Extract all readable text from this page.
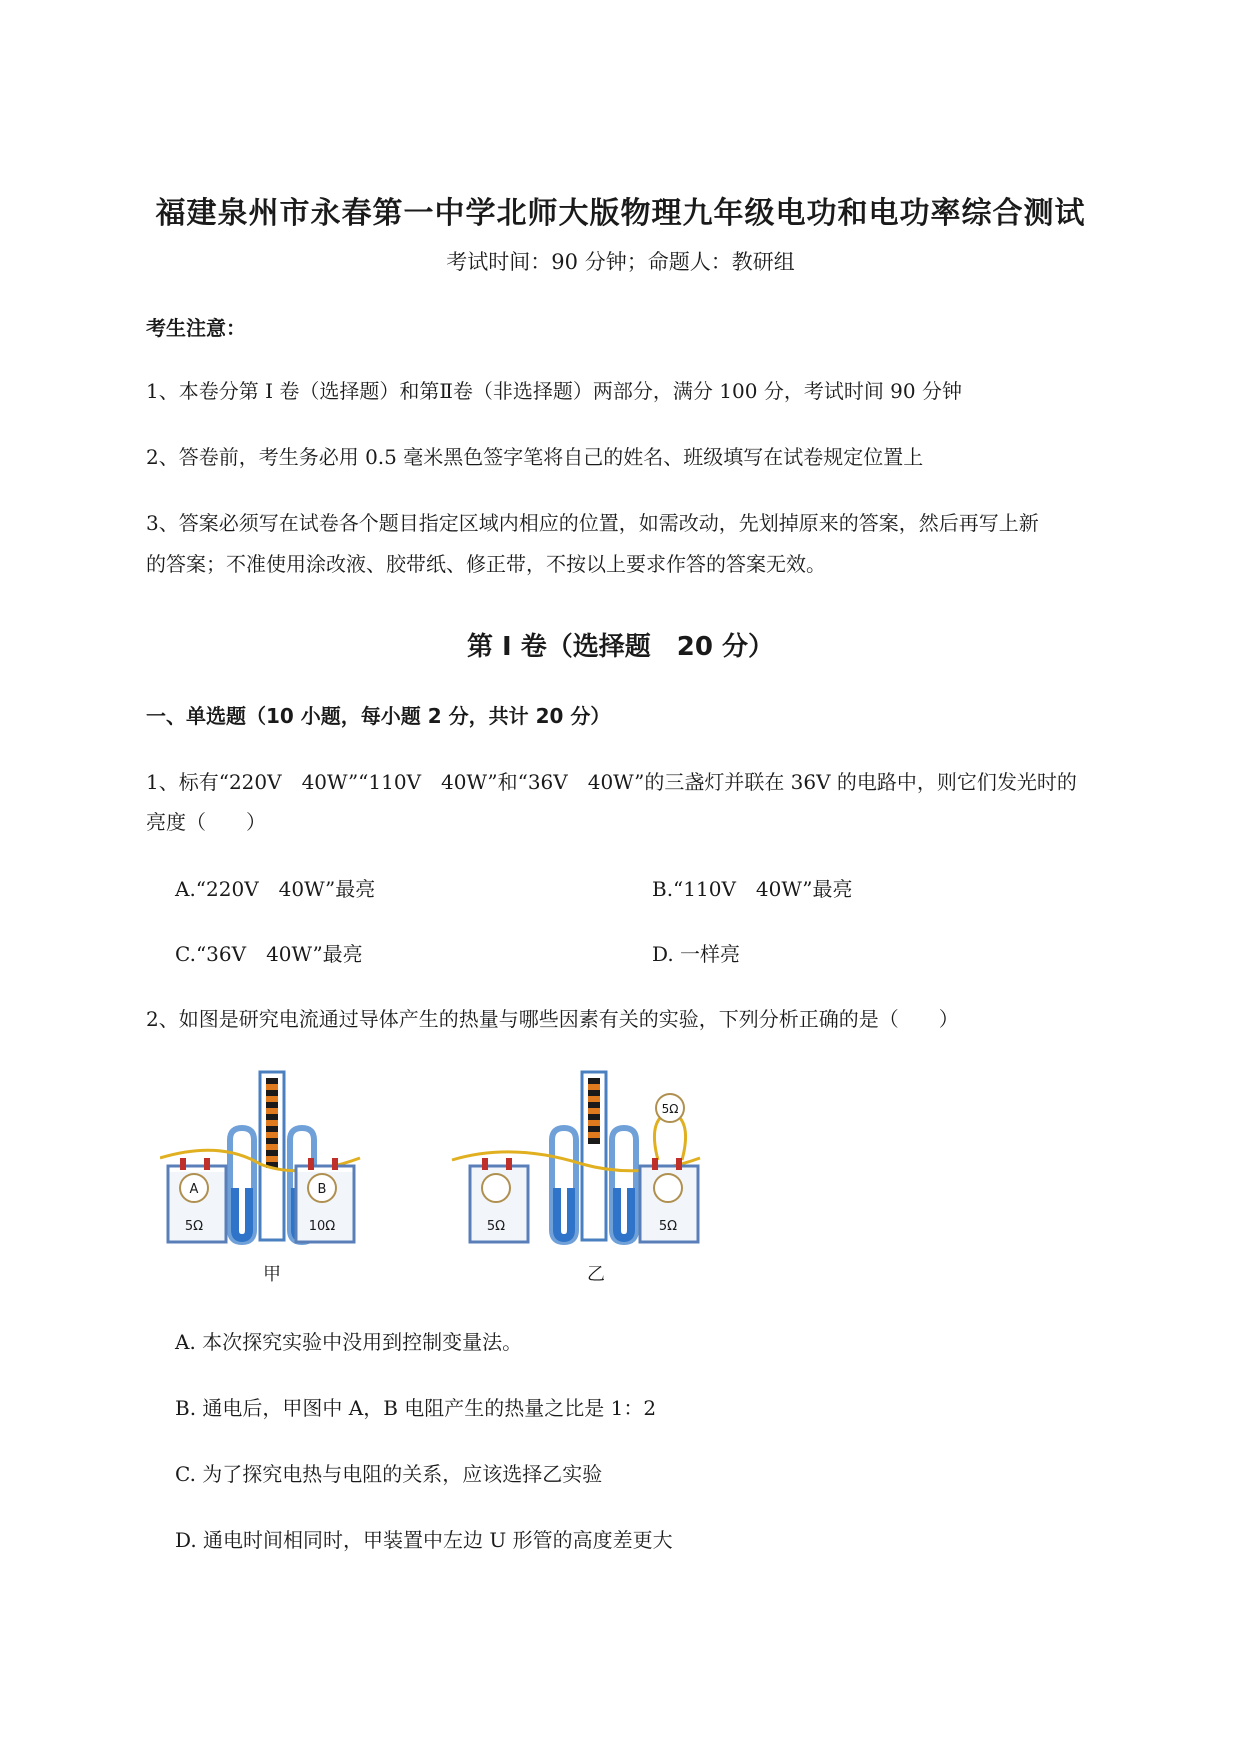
福建泉州市永春第一中学北师大版物理九年级电功和电功率综合测试
考试时间：90 分钟；命题人：教研组
考生注意：
1、本卷分第 I 卷（选择题）和第Ⅱ卷（非选择题）两部分，满分 100 分，考试时间 90 分钟
2、答卷前，考生务必用 0.5 毫米黑色签字笔将自己的姓名、班级填写在试卷规定位置上
3、答案必须写在试卷各个题目指定区域内相应的位置，如需改动，先划掉原来的答案，然后再写上新
的答案；不准使用涂改液、胶带纸、修正带，不按以上要求作答的答案无效。
第 I 卷（选择题　20 分）
一、单选题（10 小题，每小题 2 分，共计 20 分）
1、标有“220V　40W”“110V　40W”和“36V　40W”的三盏灯并联在 36V 的电路中，则它们发光时的
亮度（　　）
A.“220V　40W”最亮	B.“110V　40W”最亮
C.“36V　40W”最亮	D. 一样亮
2、如图是研究电流通过导体产生的热量与哪些因素有关的实验，下列分析正确的是（　　）
A
5Ω
B
10Ω
甲
5Ω
5Ω	5Ω
乙
A. 本次探究实验中没用到控制变量法。
B. 通电后，甲图中 A，B 电阻产生的热量之比是 1：2
C. 为了探究电热与电阻的关系，应该选择乙实验
D. 通电时间相同时，甲装置中左边 U 形管的高度差更大
